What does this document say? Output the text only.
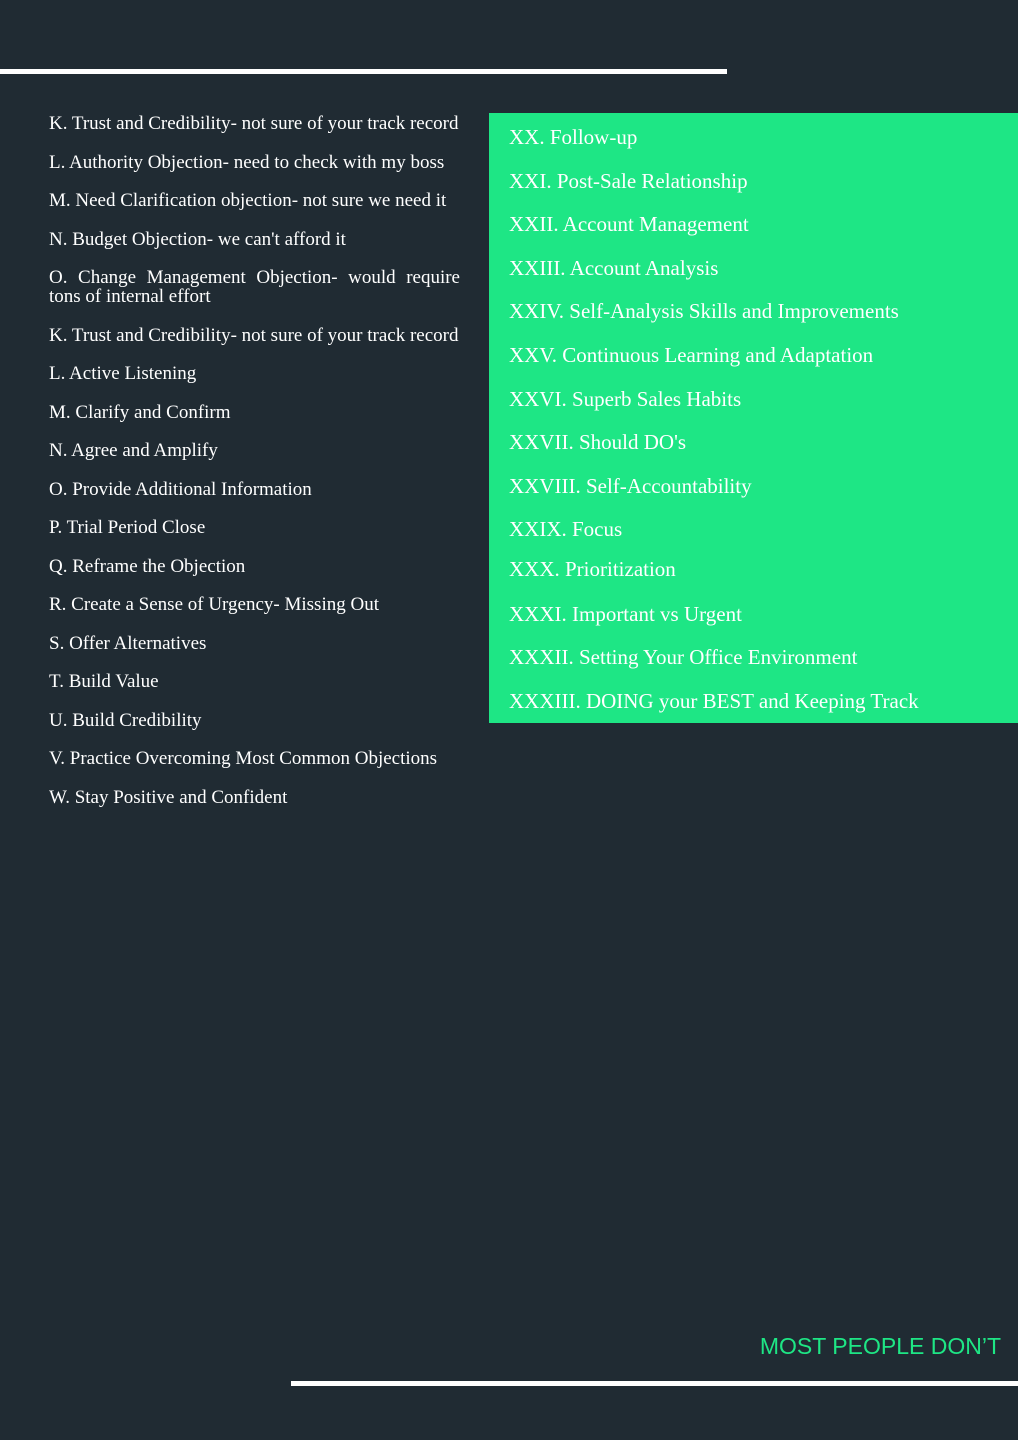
K. Trust and Credibility- not sure of your track record
L. Authority Objection- need to check with my boss
M. Need Clarification objection- not sure we need it
N. Budget Objection- we can't afford it
O. Change Management Objection- would require tons of internal effort
K. Trust and Credibility- not sure of your track record
L. Active Listening
M. Clarify and Confirm
N. Agree and Amplify
O. Provide Additional Information
P. Trial Period Close
Q. Reframe the Objection
R. Create a Sense of Urgency- Missing Out
S. Offer Alternatives
T. Build Value
U. Build Credibility
V. Practice Overcoming Most Common Objections
W. Stay Positive and Confident
XX. Follow-up
XXI. Post-Sale Relationship
XXII. Account Management
XXIII. Account Analysis
XXIV. Self-Analysis Skills and Improvements
XXV. Continuous Learning and Adaptation
XXVI. Superb Sales Habits
XXVII. Should DO's
XXVIII. Self-Accountability
XXIX. Focus
XXX. Prioritization
XXXI. Important vs Urgent
XXXII. Setting Your Office Environment
XXXIII. DOING your BEST and Keeping Track
MOST PEOPLE DON’T
